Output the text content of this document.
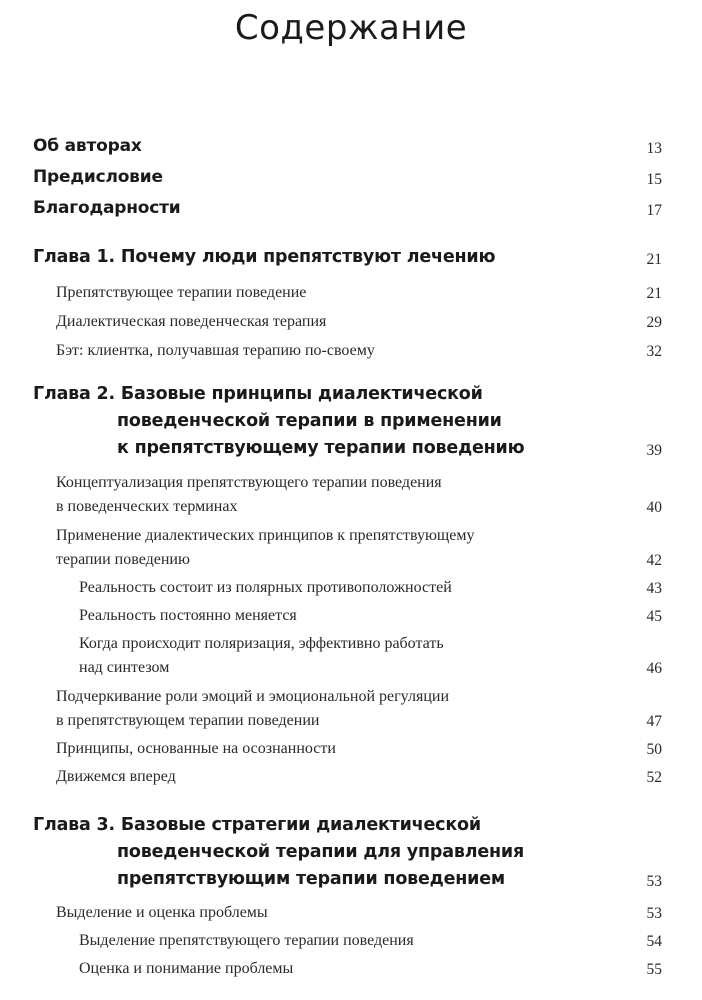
Содержание
Об авторах	13
Предисловие	15
Благодарности	17
Глава 1. Почему люди препятствуют лечению	21
Препятствующее терапии поведение	21
Диалектическая поведенческая терапия	29
Бэт: клиентка, получавшая терапию по-своему	32
Глава 2. Базовые принципы диалектической
поведенческой терапии в применении
к препятствующему терапии поведению	39
Концептуализация препятствующего терапии поведения
в поведенческих терминах	40
Применение диалектических принципов к препятствующему
терапии поведению	42
Реальность состоит из полярных противоположностей	43
Реальность постоянно меняется	45
Когда происходит поляризация, эффективно работать
над синтезом	46
Подчеркивание роли эмоций и эмоциональной регуляции
в препятствующем терапии поведении	47
Принципы, основанные на осознанности	50
Движемся вперед	52
Глава 3. Базовые стратегии диалектической
поведенческой терапии для управления
препятствующим терапии поведением	53
Выделение и оценка проблемы	53
Выделение препятствующего терапии поведения	54
Оценка и понимание проблемы	55
